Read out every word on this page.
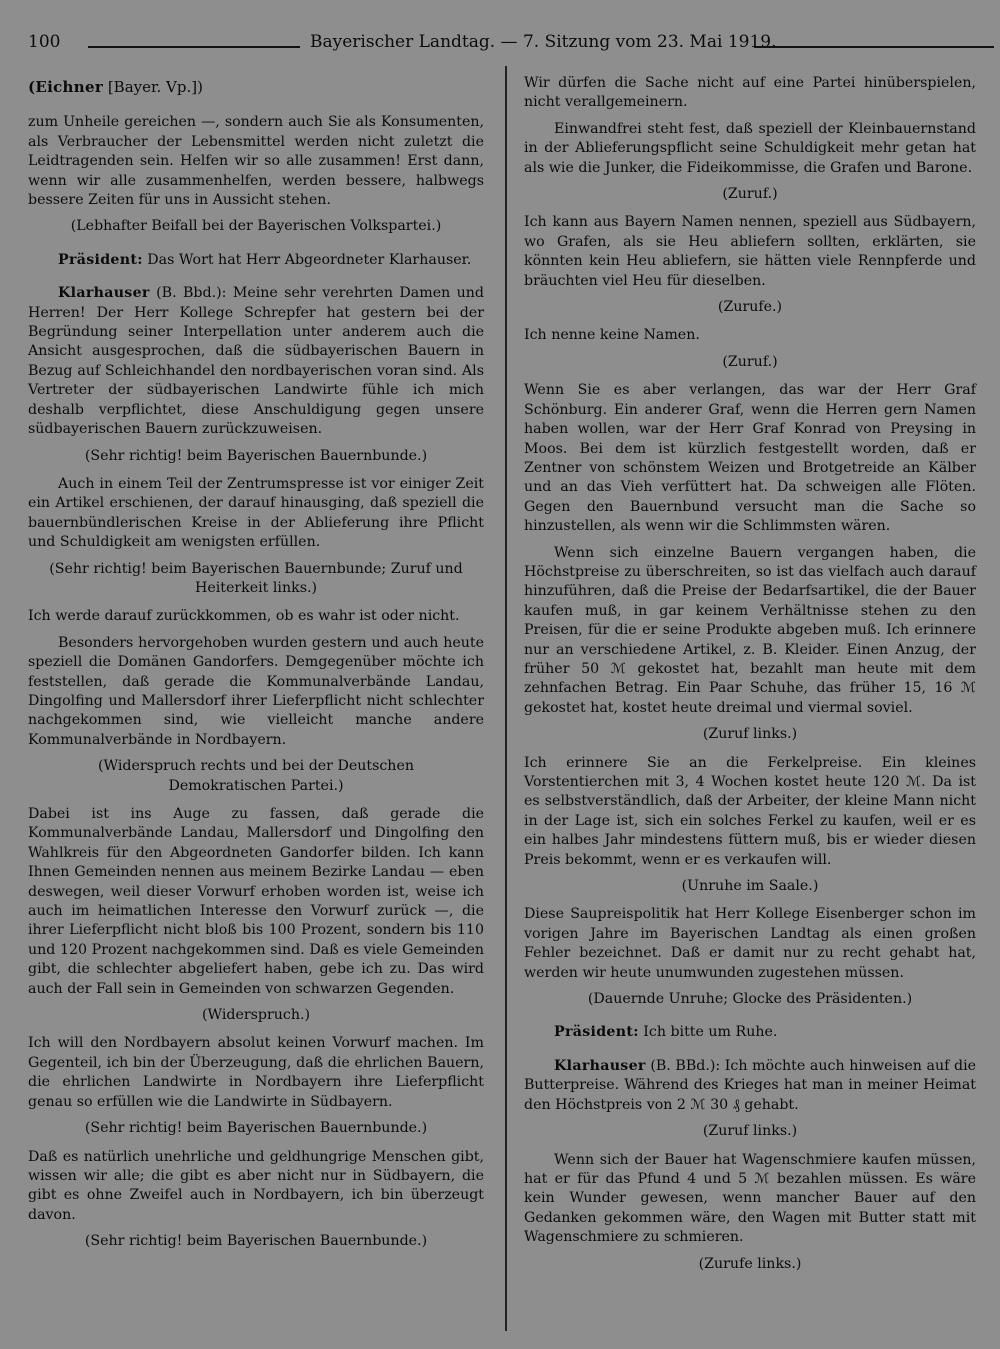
100	Bayerischer Landtag. — 7. Sitzung vom 23. Mai 1919.
(Eichner [Bayer. Vp.])

zum Unheile gereichen —, sondern auch Sie als Konsumenten, als Verbraucher der Lebensmittel werden nicht zuletzt die Leidtragenden sein. Helfen wir so alle zusammen! Erst dann, wenn wir alle zusammenhelfen, werden bessere, halbwegs bessere Zeiten für uns in Aussicht stehen.

(Lebhafter Beifall bei der Bayerischen Volkspartei.)

Präsident: Das Wort hat Herr Abgeordneter Klarhauser.

Klarhauser (B. Bbd.): Meine sehr verehrten Damen und Herren! Der Herr Kollege Schrepfer hat gestern bei der Begründung seiner Interpellation unter anderem auch die Ansicht ausgesprochen, daß die südbayerischen Bauern in Bezug auf Schleichhandel den nordbayerischen voran sind. Als Vertreter der südbayerischen Landwirte fühle ich mich deshalb verpflichtet, diese Anschuldigung gegen unsere südbayerischen Bauern zurückzuweisen.

(Sehr richtig! beim Bayerischen Bauernbunde.)

Auch in einem Teil der Zentrumspresse ist vor einiger Zeit ein Artikel erschienen, der darauf hinausging, daß speziell die bauernbündlerischen Kreise in der Ablieferung ihre Pflicht und Schuldigkeit am wenigsten erfüllen.

(Sehr richtig! beim Bayerischen Bauernbunde; Zuruf und Heiterkeit links.)

Ich werde darauf zurückkommen, ob es wahr ist oder nicht.

Besonders hervorgehoben wurden gestern und auch heute speziell die Domänen Gandorfers. Demgegenüber möchte ich feststellen, daß gerade die Kommunalverbände Landau, Dingolfing und Mallersdorf ihrer Lieferpflicht nicht schlechter nachgekommen sind, wie vielleicht manche andere Kommunalverbände in Nordbayern.

(Widerspruch rechts und bei der Deutschen Demokratischen Partei.)

Dabei ist ins Auge zu fassen, daß gerade die Kommunalverbände Landau, Mallersdorf und Dingolfing den Wahlkreis für den Abgeordneten Gandorfer bilden. Ich kann Ihnen Gemeinden nennen aus meinem Bezirke Landau — eben deswegen, weil dieser Vorwurf erhoben worden ist, weise ich auch im heimatlichen Interesse den Vorwurf zurück —, die ihrer Lieferpflicht nicht bloß bis 100 Prozent, sondern bis 110 und 120 Prozent nachgekommen sind. Daß es viele Gemeinden gibt, die schlechter abgeliefert haben, gebe ich zu. Das wird auch der Fall sein in Gemeinden von schwarzen Gegenden.

(Widerspruch.)

Ich will den Nordbayern absolut keinen Vorwurf machen. Im Gegenteil, ich bin der Überzeugung, daß die ehrlichen Bauern, die ehrlichen Landwirte in Nordbayern ihre Lieferpflicht genau so erfüllen wie die Landwirte in Südbayern.

(Sehr richtig! beim Bayerischen Bauernbunde.)

Daß es natürlich unehrliche und geldhungrige Menschen gibt, wissen wir alle; die gibt es aber nicht nur in Südbayern, die gibt es ohne Zweifel auch in Nordbayern, ich bin überzeugt davon.

(Sehr richtig! beim Bayerischen Bauernbunde.)

Wir dürfen die Sache nicht auf eine Partei hinüberspielen, nicht verallgemeinern.

Einwandfrei steht fest, daß speziell der Kleinbauernstand in der Ablieferungspflicht seine Schuldigkeit mehr getan hat als wie die Junker, die Fideikommisse, die Grafen und Barone.

(Zuruf.)

Ich kann aus Bayern Namen nennen, speziell aus Südbayern, wo Grafen, als sie Heu abliefern sollten, erklärten, sie könnten kein Heu abliefern, sie hätten viele Rennpferde und bräuchten viel Heu für dieselben.

(Zurufe.)

Ich nenne keine Namen.

(Zuruf.)

Wenn Sie es aber verlangen, das war der Herr Graf Schönburg. Ein anderer Graf, wenn die Herren gern Namen haben wollen, war der Herr Graf Konrad von Preysing in Moos. Bei dem ist kürzlich festgestellt worden, daß er Zentner von schönstem Weizen und Brotgetreide an Kälber und an das Vieh verfüttert hat. Da schweigen alle Flöten. Gegen den Bauernbund versucht man die Sache so hinzustellen, als wenn wir die Schlimmsten wären.

Wenn sich einzelne Bauern vergangen haben, die Höchstpreise zu überschreiten, so ist das vielfach auch darauf hinzuführen, daß die Preise der Bedarfsartikel, die der Bauer kaufen muß, in gar keinem Verhältnisse stehen zu den Preisen, für die er seine Produkte abgeben muß. Ich erinnere nur an verschiedene Artikel, z. B. Kleider. Einen Anzug, der früher 50 ℳ gekostet hat, bezahlt man heute mit dem zehnfachen Betrag. Ein Paar Schuhe, das früher 15, 16 ℳ gekostet hat, kostet heute dreimal und viermal soviel.

(Zuruf links.)

Ich erinnere Sie an die Ferkelpreise. Ein kleines Vorstentierchen mit 3, 4 Wochen kostet heute 120 ℳ. Da ist es selbstverständlich, daß der Arbeiter, der kleine Mann nicht in der Lage ist, sich ein solches Ferkel zu kaufen, weil er es ein halbes Jahr mindestens füttern muß, bis er wieder diesen Preis bekommt, wenn er es verkaufen will.

(Unruhe im Saale.)

Diese Saupreispolitik hat Herr Kollege Eisenberger schon im vorigen Jahre im Bayerischen Landtag als einen großen Fehler bezeichnet. Daß er damit nur zu recht gehabt hat, werden wir heute unumwunden zugestehen müssen.

(Dauernde Unruhe; Glocke des Präsidenten.)

Präsident: Ich bitte um Ruhe.

Klarhauser (B. BBd.): Ich möchte auch hinweisen auf die Butterpreise. Während des Krieges hat man in meiner Heimat den Höchstpreis von 2 ℳ 30 ₰ gehabt.

(Zuruf links.)

Wenn sich der Bauer hat Wagenschmiere kaufen müssen, hat er für das Pfund 4 und 5 ℳ bezahlen müssen. Es wäre kein Wunder gewesen, wenn mancher Bauer auf den Gedanken gekommen wäre, den Wagen mit Butter statt mit Wagenschmiere zu schmieren.

(Zurufe links.)
